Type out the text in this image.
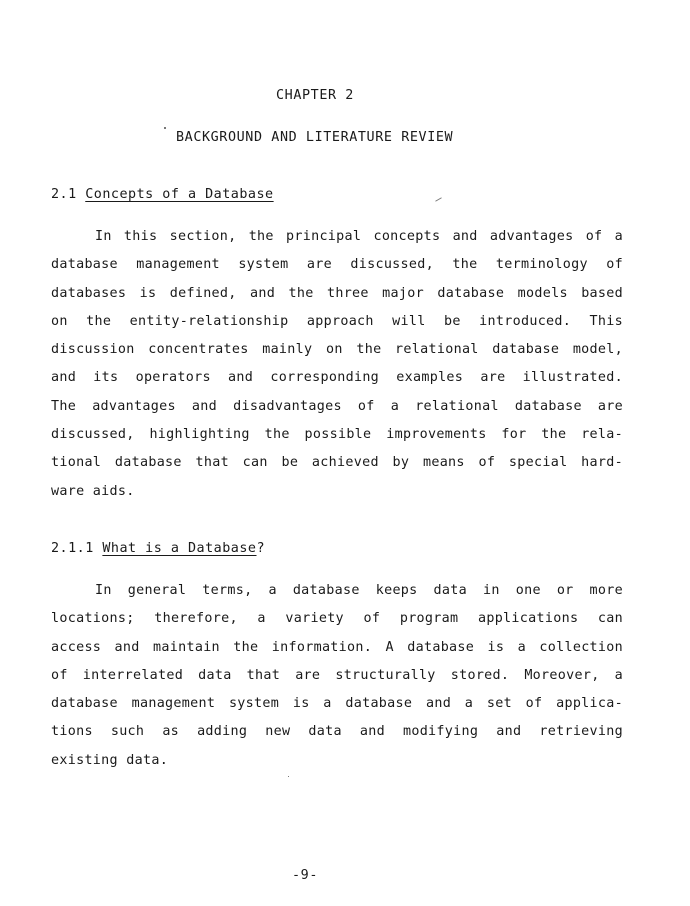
CHAPTER 2
BACKGROUND AND LITERATURE REVIEW
2.1 Concepts of a Database
In this section, the principal concepts and advantages of a
database management system are discussed, the terminology of
databases is defined, and the three major database models based
on the entity-relationship approach will be introduced. This
discussion concentrates mainly on the relational database model,
and its operators and corresponding examples are illustrated.
The advantages and disadvantages of a relational database are
discussed, highlighting the possible improvements for the rela-
tional database that can be achieved by means of special hard-
ware aids.
2.1.1 What is a Database?
In general terms, a database keeps data in one or more
locations; therefore, a variety of program applications can
access and maintain the information. A database is a collection
of interrelated data that are structurally stored. Moreover, a
database management system is a database and a set of applica-
tions such as adding new data and modifying and retrieving
existing data.
-9-
